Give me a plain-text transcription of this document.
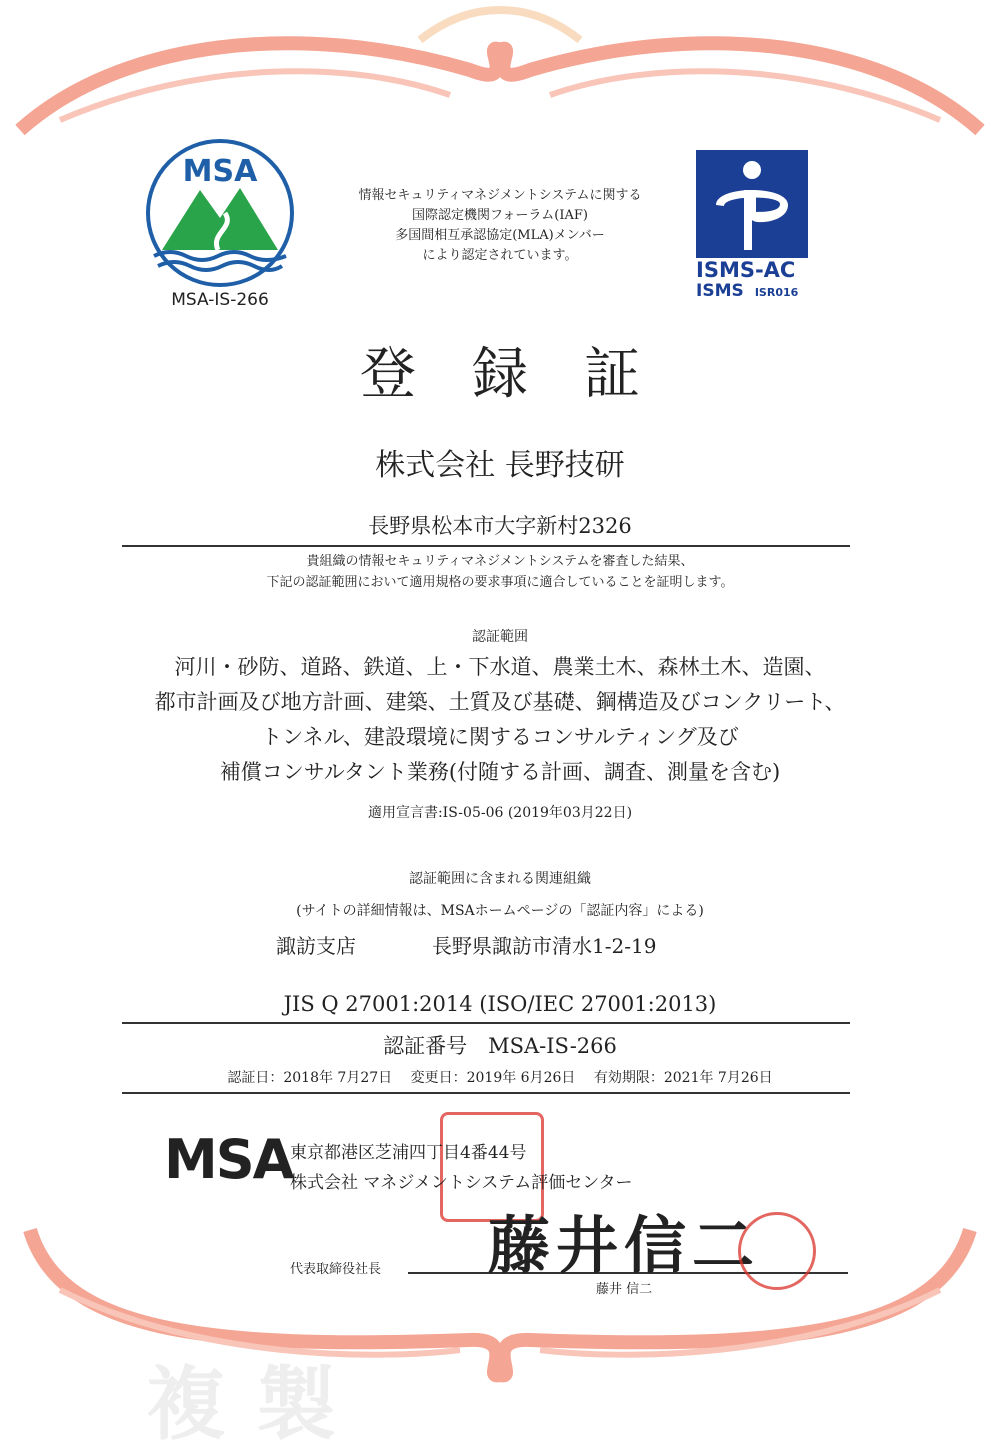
MSA
MSA-IS-266
情報セキュリティマネジメントシステムに関する
国際認定機関フォーラム(IAF)
多国間相互承認協定(MLA)メンバー
により認定されています。
ISMS-AC
ISMS ISR016
登　録　証
株式会社 長野技研
長野県松本市大字新村2326
貴組織の情報セキュリティマネジメントシステムを審査した結果、
下記の認証範囲において適用規格の要求事項に適合していることを証明します。
認証範囲
河川・砂防、道路、鉄道、上・下水道、農業土木、森林土木、造園、
都市計画及び地方計画、建築、土質及び基礎、鋼構造及びコンクリート、
トンネル、建設環境に関するコンサルティング及び
補償コンサルタント業務(付随する計画、調査、測量を含む)
適用宣言書:IS-05-06 (2019年03月22日)
認証範囲に含まれる関連組織
(サイトの詳細情報は、MSAホームページの「認証内容」による)
諏訪支店	長野県諏訪市清水1-2-19
JIS Q 27001:2014 (ISO/IEC 27001:2013)
認証番号　MSA-IS-266
認証日：2018年 7月27日　 変更日：2019年 6月26日　 有効期限：2021年 7月26日
MSA
東京都港区芝浦四丁目4番44号
株式会社 マネジメントシステム評価センター
代表取締役社長 藤井信二
藤井 信二
複製
